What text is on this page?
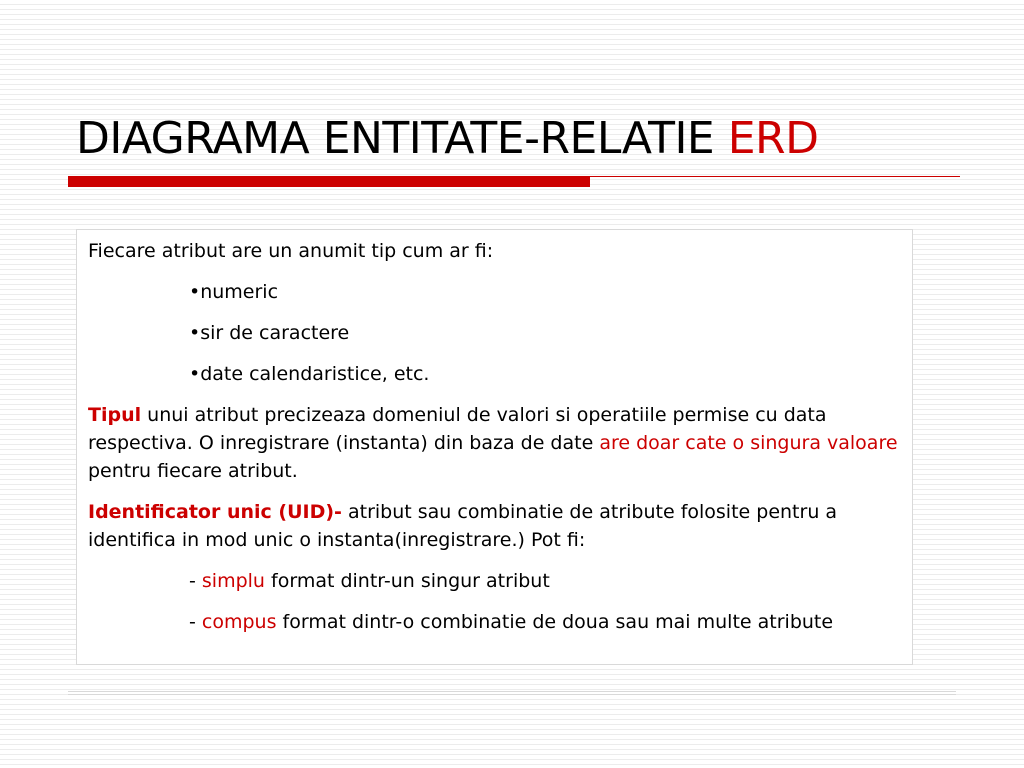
DIAGRAMA ENTITATE-RELATIE ERD

Fiecare atribut are un anumit tip cum ar fi:

•numeric

•sir de caractere

•date calendaristice, etc.

Tipul unui atribut precizeaza domeniul de valori si operatiile permise cu data respectiva. O inregistrare (instanta) din baza de date are doar cate o singura valoare pentru fiecare atribut.

Identificator unic (UID)- atribut sau combinatie de atribute folosite pentru a identifica in mod unic o instanta(inregistrare.) Pot fi:

- simplu format dintr-un singur atribut

- compus format dintr-o combinatie de doua sau mai multe atribute
